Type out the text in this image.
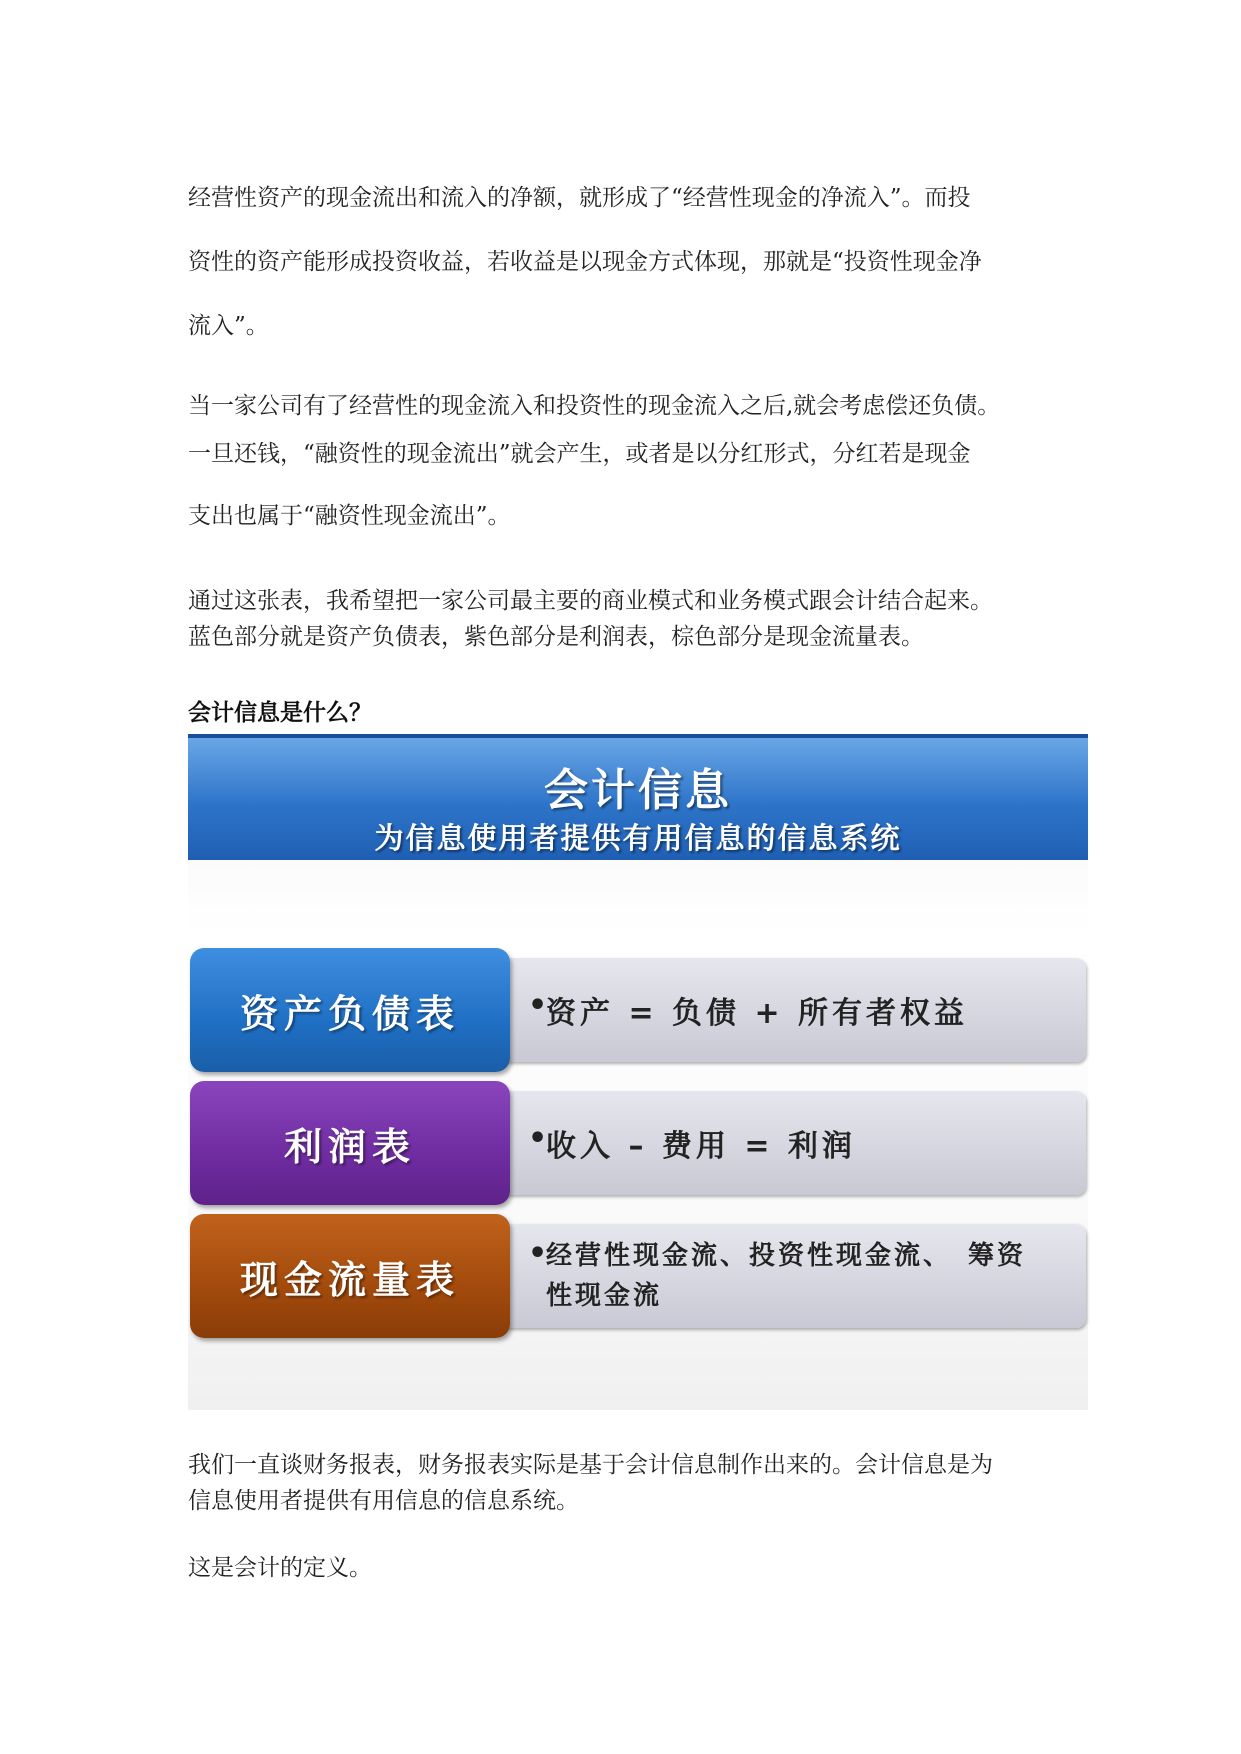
经营性资产的现金流出和流入的净额，就形成了“经营性现金的净流入”。而投
资性的资产能形成投资收益，若收益是以现金方式体现，那就是“投资性现金净
流入”。
当一家公司有了经营性的现金流入和投资性的现金流入之后,就会考虑偿还负债。
一旦还钱，“融资性的现金流出”就会产生，或者是以分红形式，分红若是现金
支出也属于“融资性现金流出”。
通过这张表，我希望把一家公司最主要的商业模式和业务模式跟会计结合起来。
蓝色部分就是资产负债表，紫色部分是利润表，棕色部分是现金流量表。
会计信息是什么？
会计信息
为信息使用者提供有用信息的信息系统
•
资产 = 负债 + 所有者权益
资产负债表
•
收入 – 费用 = 利润
利润表
•
经营性现金流、投资性现金流、　筹资
性现金流
现金流量表
我们一直谈财务报表，财务报表实际是基于会计信息制作出来的。会计信息是为
信息使用者提供有用信息的信息系统。
这是会计的定义。
